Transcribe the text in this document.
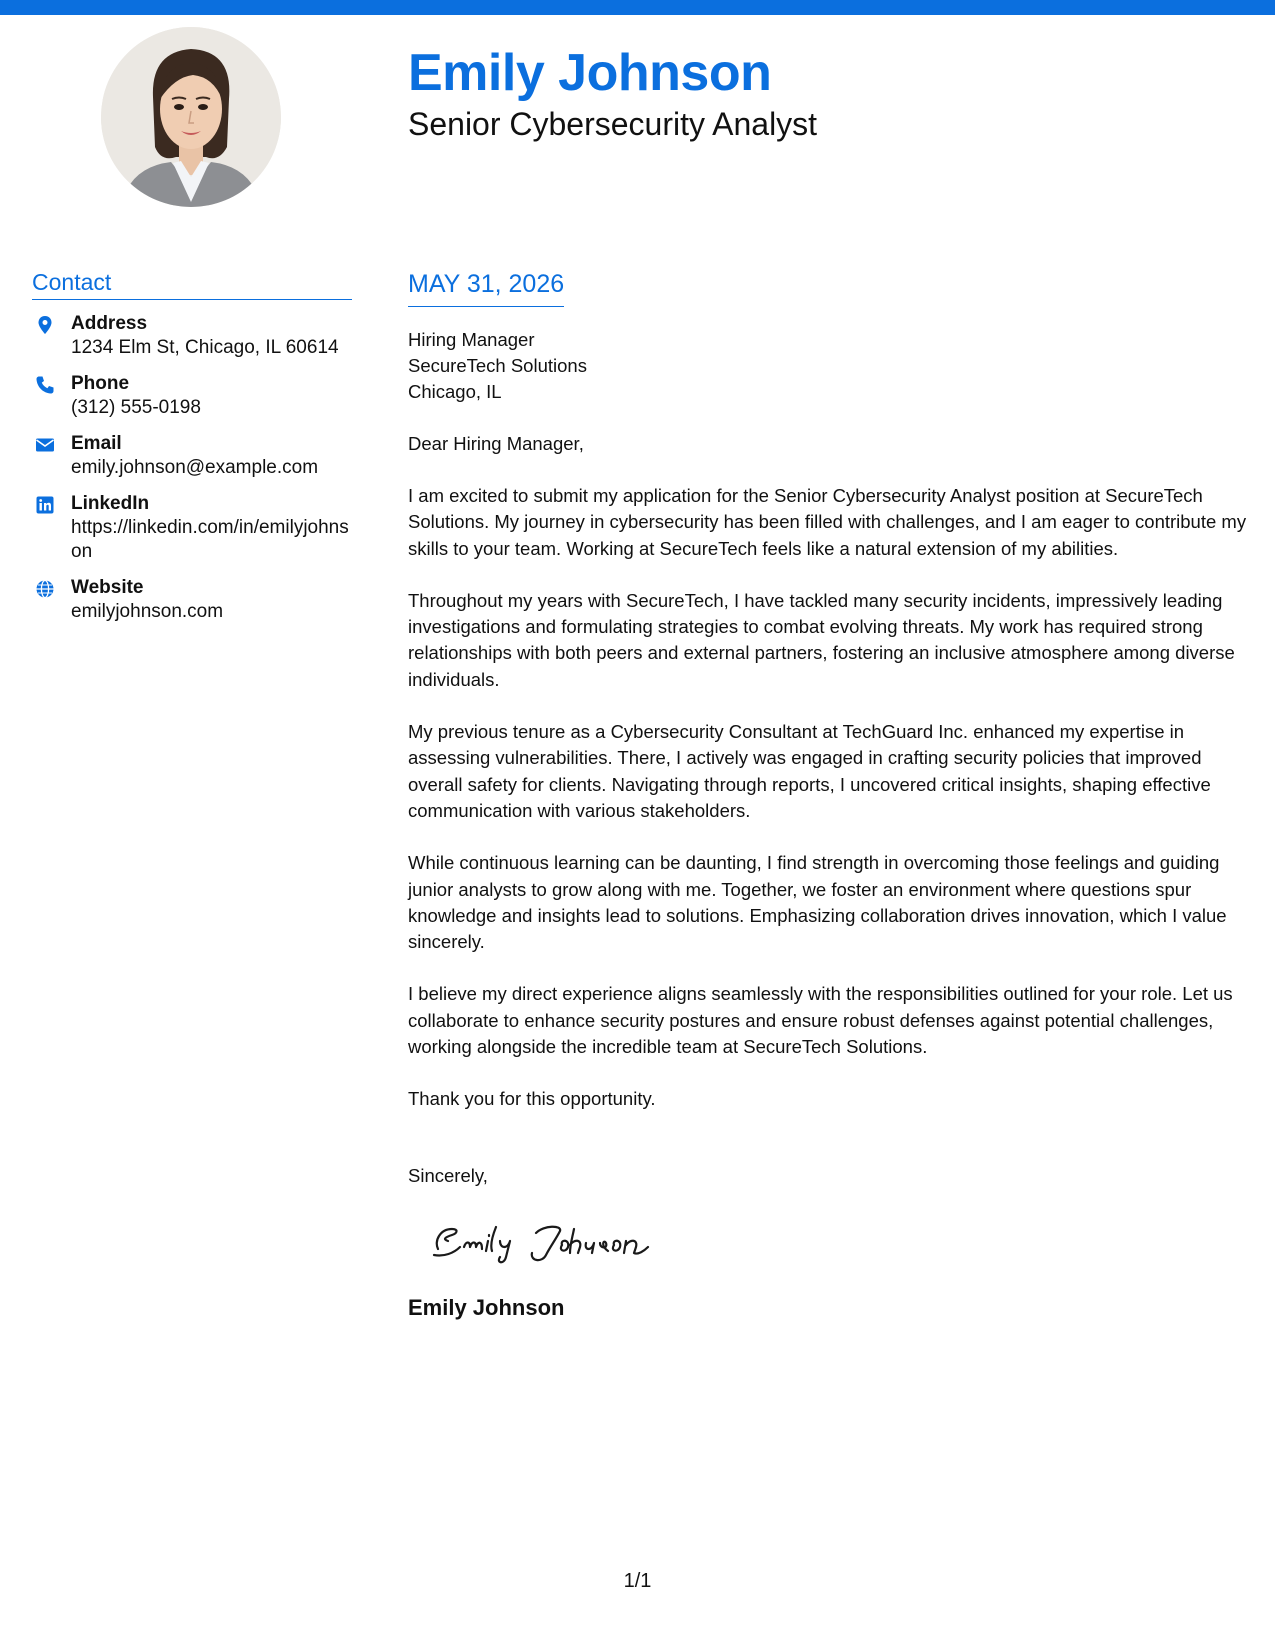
Emily Johnson
Senior Cybersecurity Analyst
Contact
Address
1234 Elm St, Chicago, IL 60614
Phone
(312) 555-0198
Email
emily.johnson@example.com
LinkedIn
https://linkedin.com/in/emilyjohnson
Website
emilyjohnson.com
MAY 31, 2026
Hiring Manager
SecureTech Solutions
Chicago, IL
Dear Hiring Manager,
I am excited to submit my application for the Senior Cybersecurity Analyst position at SecureTech Solutions. My journey in cybersecurity has been filled with challenges, and I am eager to contribute my skills to your team. Working at SecureTech feels like a natural extension of my abilities.
Throughout my years with SecureTech, I have tackled many security incidents, impressively leading investigations and formulating strategies to combat evolving threats. My work has required strong relationships with both peers and external partners, fostering an inclusive atmosphere among diverse individuals.
My previous tenure as a Cybersecurity Consultant at TechGuard Inc. enhanced my expertise in assessing vulnerabilities. There, I actively was engaged in crafting security policies that improved overall safety for clients. Navigating through reports, I uncovered critical insights, shaping effective communication with various stakeholders.
While continuous learning can be daunting, I find strength in overcoming those feelings and guiding junior analysts to grow along with me. Together, we foster an environment where questions spur knowledge and insights lead to solutions. Emphasizing collaboration drives innovation, which I value sincerely.
I believe my direct experience aligns seamlessly with the responsibilities outlined for your role. Let us collaborate to enhance security postures and ensure robust defenses against potential challenges, working alongside the incredible team at SecureTech Solutions.
Thank you for this opportunity.
Sincerely,
Emily Johnson
1/1
